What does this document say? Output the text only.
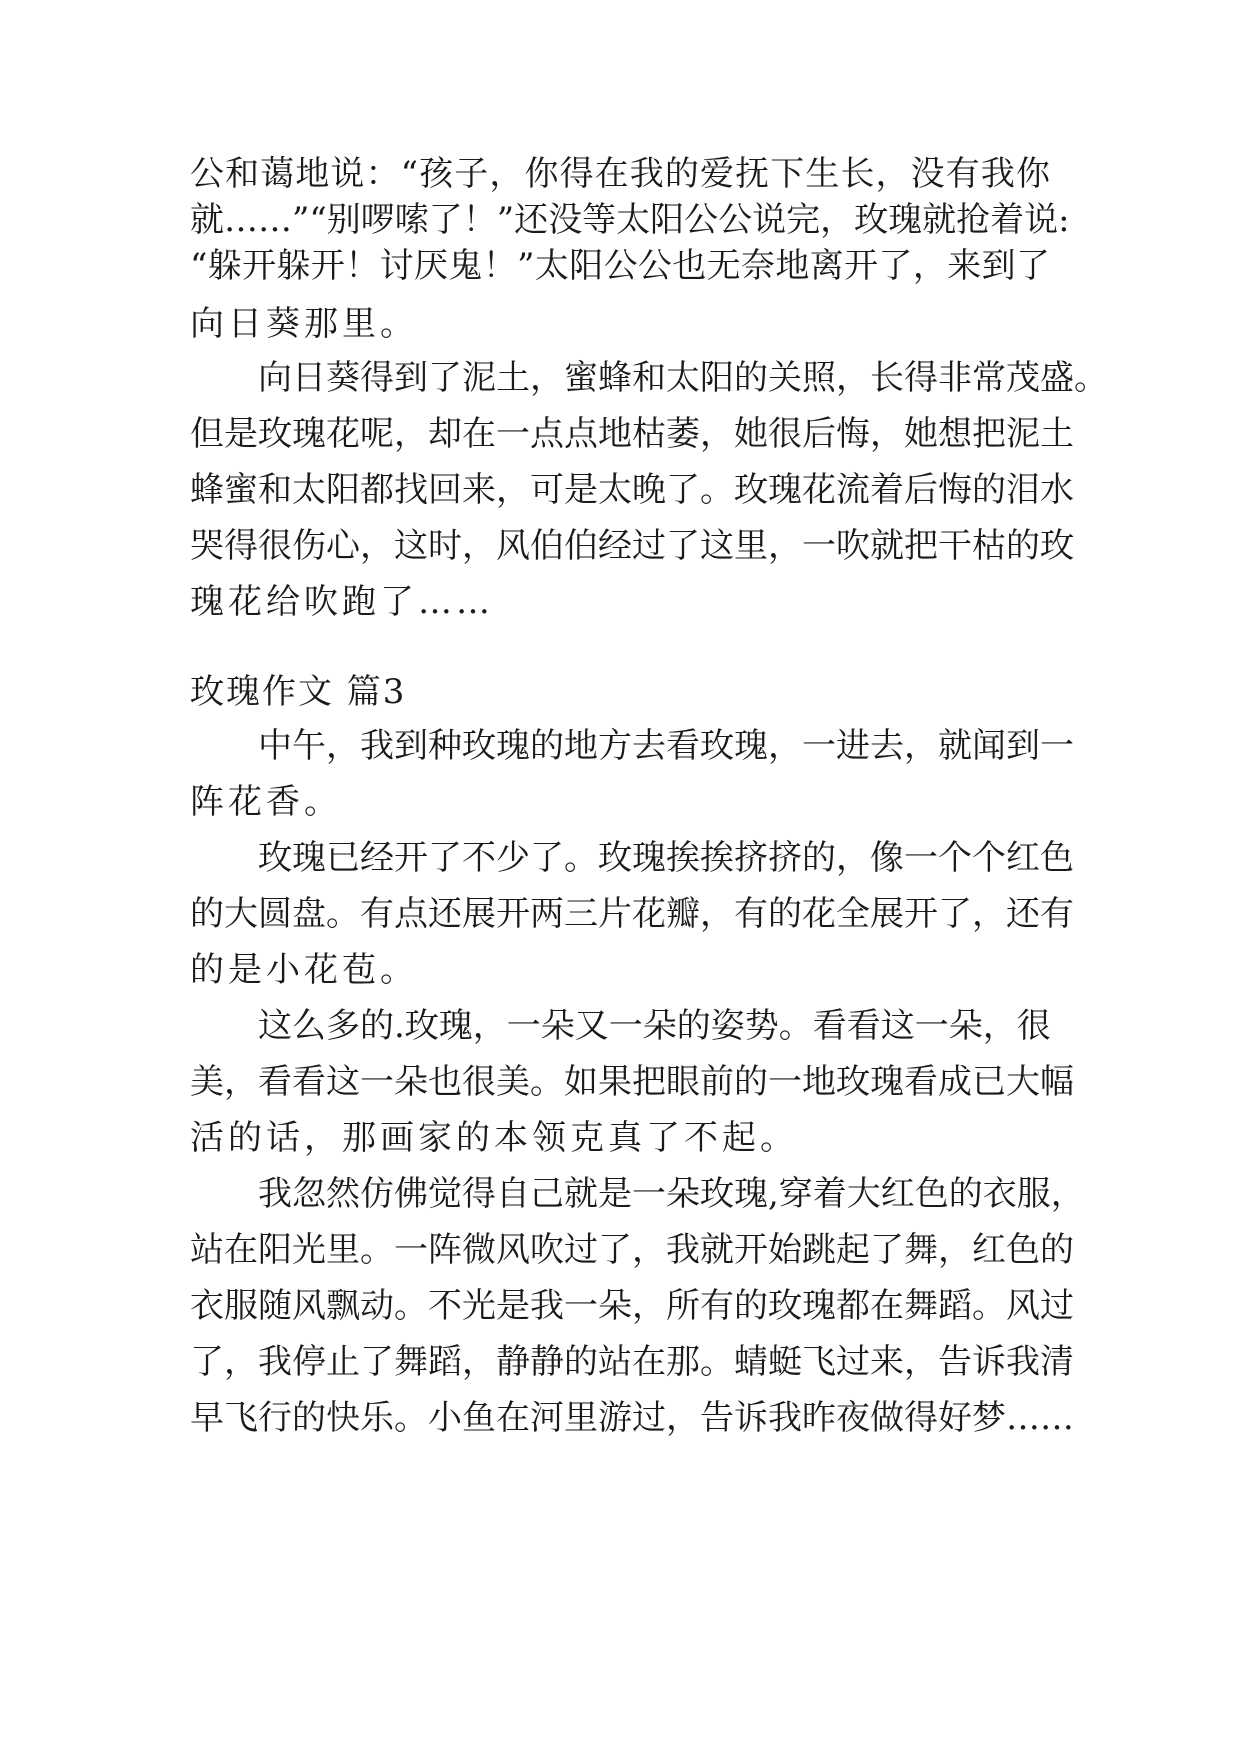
公和蔼地说：“孩子，你得在我的爱抚下生长，没有我你
就……”“别啰嗦了！”还没等太阳公公说完，玫瑰就抢着说:
“躲开躲开！讨厌鬼！”太阳公公也无奈地离开了，来到了
向日葵那里。
向日葵得到了泥土，蜜蜂和太阳的关照，长得非常茂盛。
但是玫瑰花呢，却在一点点地枯萎，她很后悔，她想把泥土
蜂蜜和太阳都找回来，可是太晚了。玫瑰花流着后悔的泪水
哭得很伤心，这时，风伯伯经过了这里，一吹就把干枯的玫
瑰花给吹跑了……
玫瑰作文 篇3
中午，我到种玫瑰的地方去看玫瑰，一进去，就闻到一
阵花香。
玫瑰已经开了不少了。玫瑰挨挨挤挤的，像一个个红色
的大圆盘。有点还展开两三片花瓣，有的花全展开了，还有
的是小花苞。
这么多的.玫瑰，一朵又一朵的姿势。看看这一朵，很
美，看看这一朵也很美。如果把眼前的一地玫瑰看成已大幅
活的话，那画家的本领克真了不起。
我忽然仿佛觉得自己就是一朵玫瑰,穿着大红色的衣服，
站在阳光里。一阵微风吹过了，我就开始跳起了舞，红色的
衣服随风飘动。不光是我一朵，所有的玫瑰都在舞蹈。风过
了，我停止了舞蹈，静静的站在那。蜻蜓飞过来，告诉我清
早飞行的快乐。小鱼在河里游过，告诉我昨夜做得好梦……
